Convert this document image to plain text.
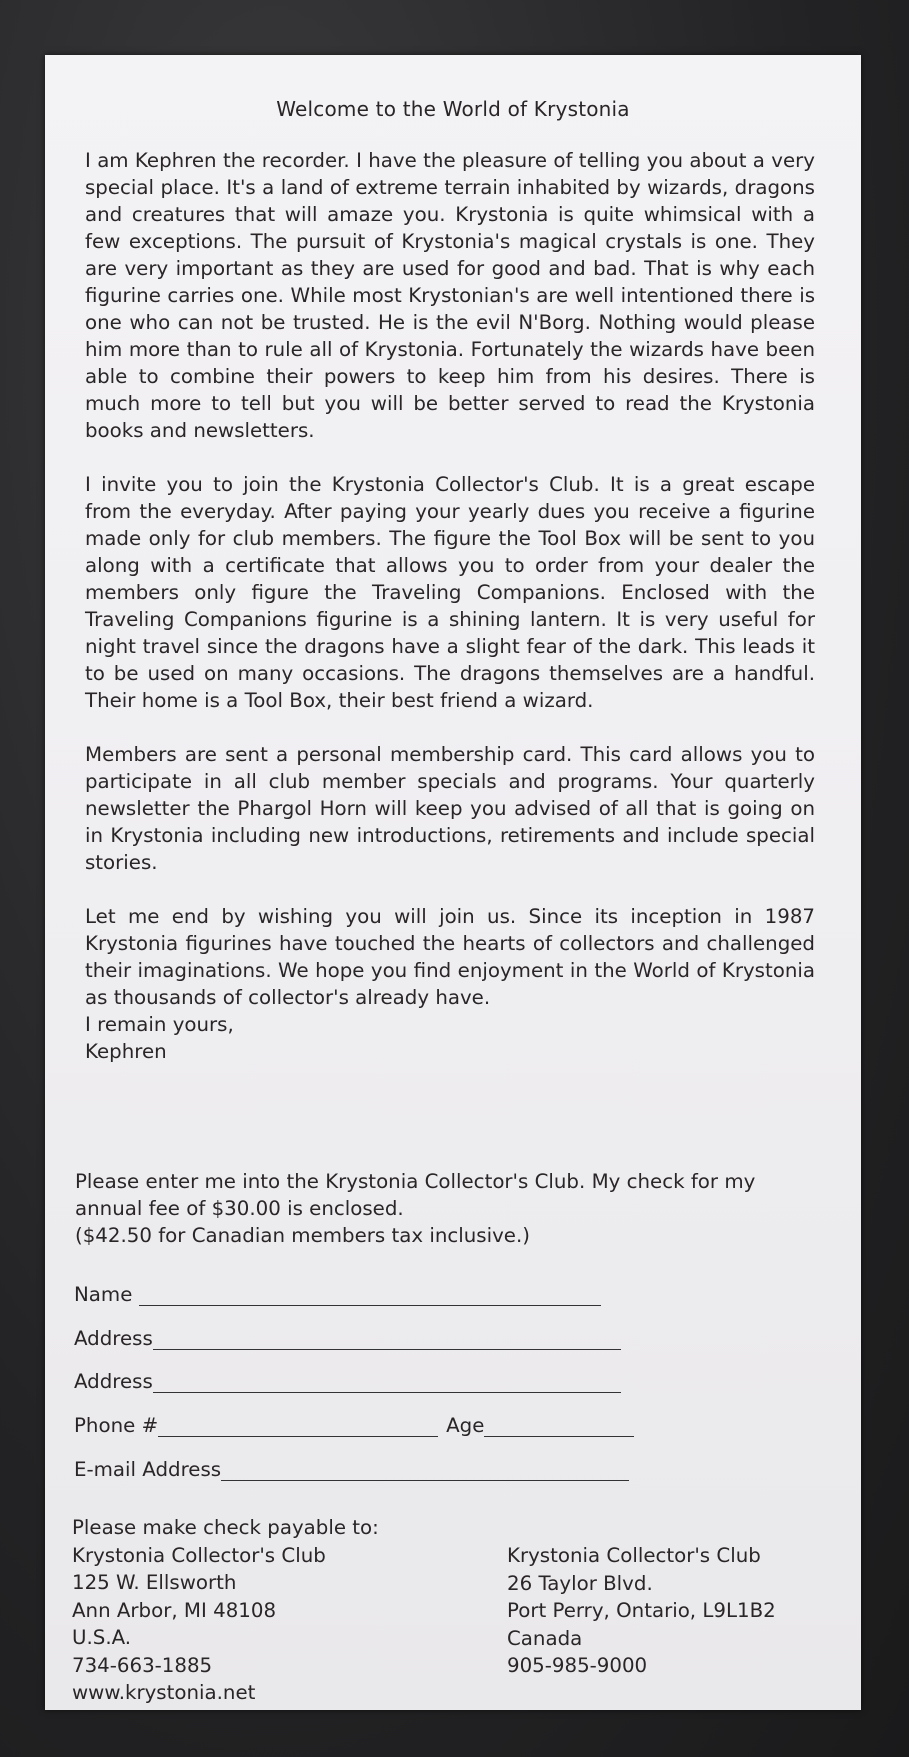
Welcome to the World of Krystonia

I am Kephren the recorder. I have the pleasure of telling you about a very special place. It's a land of extreme terrain inhabited by wizards, dragons and creatures that will amaze you. Krystonia is quite whimsical with a few exceptions. The pursuit of Krystonia's magical crystals is one. They are very important as they are used for good and bad. That is why each figurine carries one. While most Krystonian's are well intentioned there is one who can not be trusted. He is the evil N'Borg. Nothing would please him more than to rule all of Krystonia. Fortunately the wizards have been able to combine their powers to keep him from his desires. There is much more to tell but you will be better served to read the Krystonia books and newsletters.

I invite you to join the Krystonia Collector's Club. It is a great escape from the everyday. After paying your yearly dues you receive a figurine made only for club members. The figure the Tool Box will be sent to you along with a certificate that allows you to order from your dealer the members only figure the Traveling Companions. Enclosed with the Traveling Companions figurine is a shining lantern. It is very useful for night travel since the dragons have a slight fear of the dark. This leads it to be used on many occasions. The dragons themselves are a handful. Their home is a Tool Box, their best friend a wizard.

Members are sent a personal membership card. This card allows you to participate in all club member specials and programs. Your quarterly newsletter the Phargol Horn will keep you advised of all that is going on in Krystonia including new introductions, retirements and include special stories.

Let me end by wishing you will join us. Since its inception in 1987 Krystonia figurines have touched the hearts of collectors and challenged their imaginations. We hope you find enjoyment in the World of Krystonia as thousands of collector's already have.

I remain yours,

Kephren

Please enter me into the Krystonia Collector's Club. My check for my
annual fee of $30.00 is enclosed.
($42.50 for Canadian members tax inclusive.)
Name
Address
Address
Phone #	Age
E-mail Address
Please make check payable to:
Krystonia Collector's Club
125 W. Ellsworth
Ann Arbor, MI 48108
U.S.A.
734-663-1885
www.krystonia.net
Krystonia Collector's Club
26 Taylor Blvd.
Port Perry, Ontario, L9L1B2
Canada
905-985-9000
